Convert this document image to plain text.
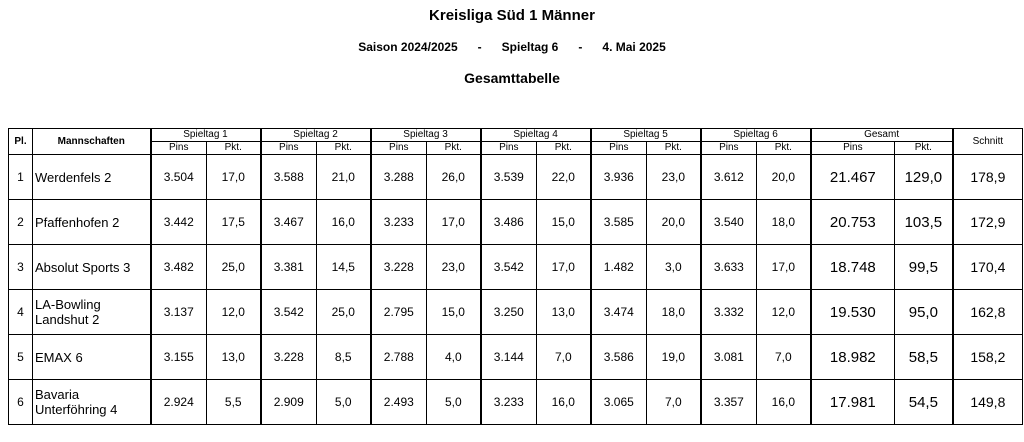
Kreisliga Süd 1 Männer
Saison 2024/2025 - Spieltag 6 - 4. Mai 2025
Gesamttabelle
Pl.	Mannschaften	Spieltag 1		Spieltag 2		Spieltag 3		Spieltag 4		Spieltag 5		Spieltag 6		Gesamt		Schnitt
		Pins	Pkt.	Pins	Pkt.	Pins	Pkt.	Pins	Pkt.	Pins	Pkt.	Pins	Pkt.	Pins	Pkt.	
1	Werdenfels 2	3.504	17,0	3.588	21,0	3.288	26,0	3.539	22,0	3.936	23,0	3.612	20,0	21.467	129,0	178,9
2	Pfaffenhofen 2	3.442	17,5	3.467	16,0	3.233	17,0	3.486	15,0	3.585	20,0	3.540	18,0	20.753	103,5	172,9
3	Absolut Sports 3	3.482	25,0	3.381	14,5	3.228	23,0	3.542	17,0	1.482	3,0	3.633	17,0	18.748	99,5	170,4
4	LA-Bowling
Landshut 2	3.137	12,0	3.542	25,0	2.795	15,0	3.250	13,0	3.474	18,0	3.332	12,0	19.530	95,0	162,8
5	EMAX 6	3.155	13,0	3.228	8,5	2.788	4,0	3.144	7,0	3.586	19,0	3.081	7,0	18.982	58,5	158,2
6	Bavaria
Unterföhring 4	2.924	5,5	2.909	5,0	2.493	5,0	3.233	16,0	3.065	7,0	3.357	16,0	17.981	54,5	149,8
